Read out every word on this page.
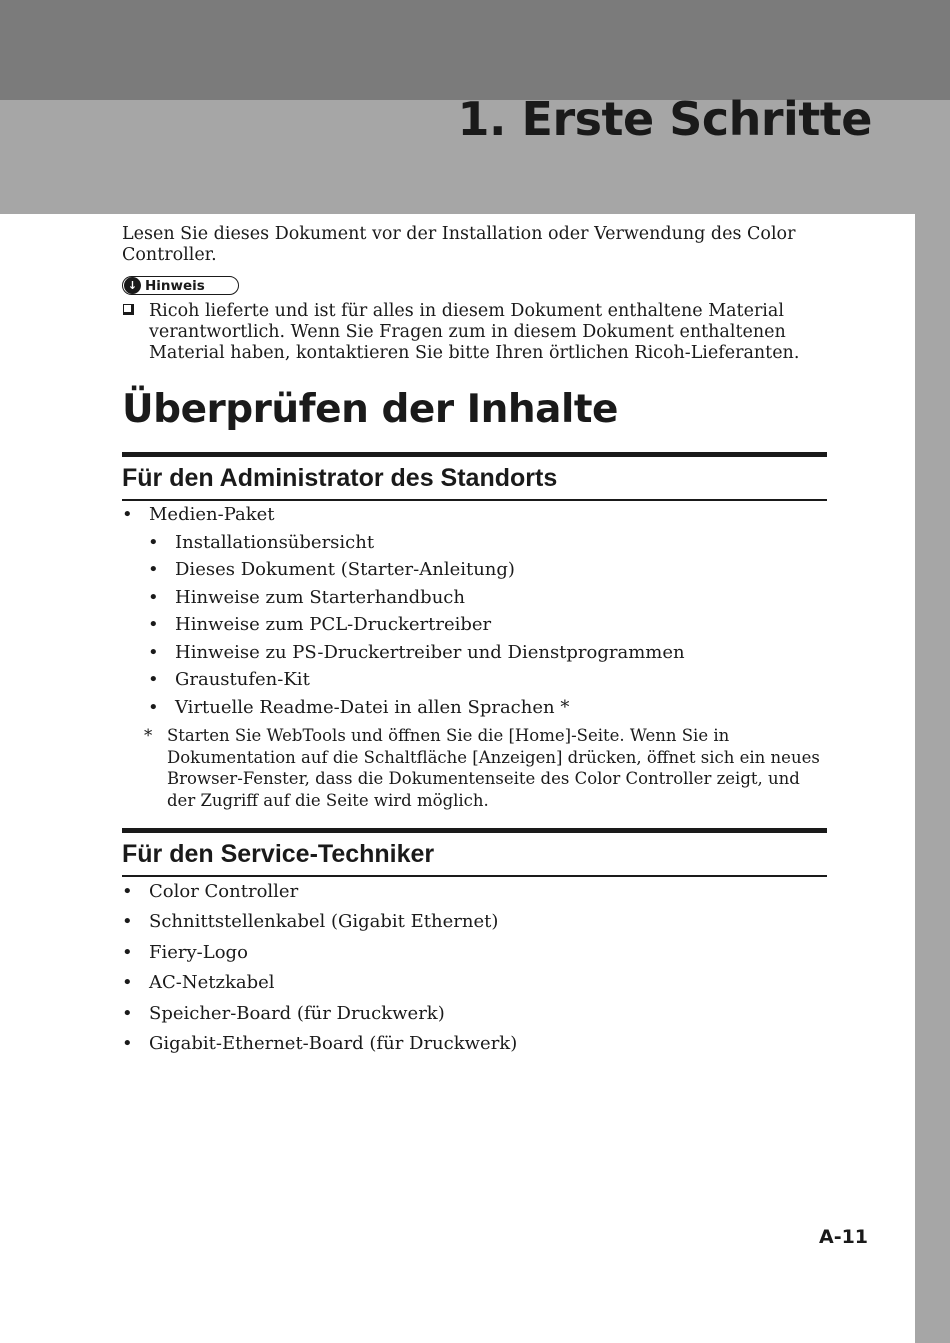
1. Erste Schritte

Lesen Sie dieses Dokument vor der Installation oder Verwendung des Color Controller.

↓ Hinweis

Ricoh lieferte und ist für alles in diesem Dokument enthaltene Material verantwortlich. Wenn Sie Fragen zum in diesem Dokument enthaltenen Material haben, kontaktieren Sie bitte Ihren örtlichen Ricoh-Lieferanten.

Überprüfen der Inhalte
Für den Administrator des Standorts
• Medien-Paket
• Installationsübersicht
• Dieses Dokument (Starter-Anleitung)
• Hinweise zum Starterhandbuch
• Hinweise zum PCL-Druckertreiber
• Hinweise zu PS-Druckertreiber und Dienstprogrammen
• Graustufen-Kit
• Virtuelle Readme-Datei in allen Sprachen *

* Starten Sie WebTools und öffnen Sie die [Home]-Seite. Wenn Sie in Dokumentation auf die Schaltfläche [Anzeigen] drücken, öffnet sich ein neues Browser-Fenster, dass die Dokumentenseite des Color Controller zeigt, und der Zugriff auf die Seite wird möglich.

Für den Service-Techniker
• Color Controller
• Schnittstellenkabel (Gigabit Ethernet)
• Fiery-Logo
• AC-Netzkabel
• Speicher-Board (für Druckwerk)
• Gigabit-Ethernet-Board (für Druckwerk)

A-11
